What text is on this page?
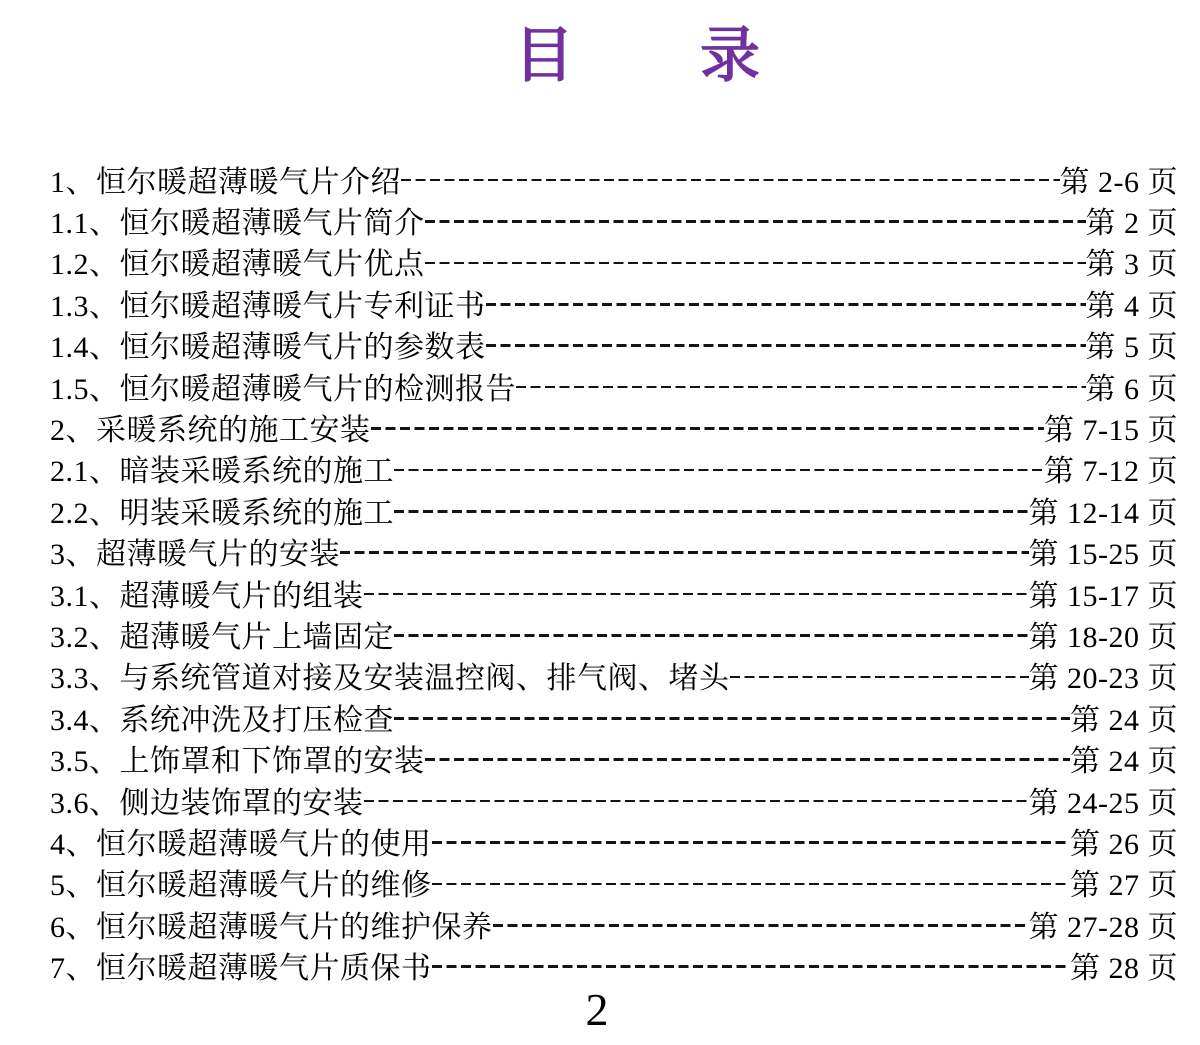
目　　录
1、恒尔暖超薄暖气片介绍	第 2-6 页
1.1、恒尔暖超薄暖气片简介	第 2 页
1.2、恒尔暖超薄暖气片优点	第 3 页
1.3、恒尔暖超薄暖气片专利证书	第 4 页
1.4、恒尔暖超薄暖气片的参数表	第 5 页
1.5、恒尔暖超薄暖气片的检测报告	第 6 页
2、采暖系统的施工安装	第 7-15 页
2.1、暗装采暖系统的施工	第 7-12 页
2.2、明装采暖系统的施工	第 12-14 页
3、超薄暖气片的安装	第 15-25 页
3.1、超薄暖气片的组装	第 15-17 页
3.2、超薄暖气片上墙固定	第 18-20 页
3.3、与系统管道对接及安装温控阀、排气阀、堵头	第 20-23 页
3.4、系统冲洗及打压检查	第 24 页
3.5、上饰罩和下饰罩的安装	第 24 页
3.6、侧边装饰罩的安装	第 24-25 页
4、恒尔暖超薄暖气片的使用	第 26 页
5、恒尔暖超薄暖气片的维修	第 27 页
6、恒尔暖超薄暖气片的维护保养	第 27-28 页
7、恒尔暖超薄暖气片质保书	第 28 页
2
